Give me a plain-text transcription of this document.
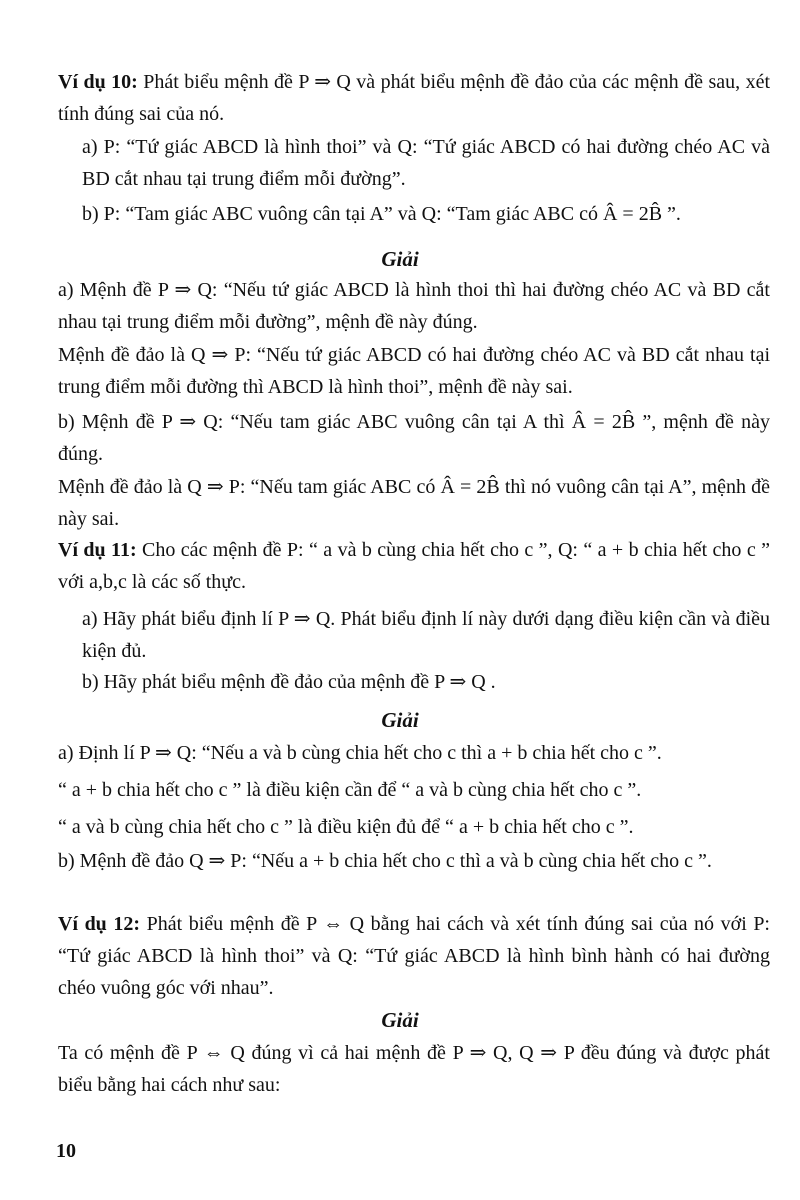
Ví dụ 10: Phát biểu mệnh đề P ⇒ Q và phát biểu mệnh đề đảo của các mệnh đề sau, xét tính đúng sai của nó.

a) P: “Tứ giác ABCD là hình thoi” và Q: “Tứ giác ABCD có hai đường chéo AC và BD cắt nhau tại trung điểm mỗi đường”.

b) P: “Tam giác ABC vuông cân tại A” và Q: “Tam giác ABC có Â = 2B̂ ”.

Giải

a) Mệnh đề P ⇒ Q: “Nếu tứ giác ABCD là hình thoi thì hai đường chéo AC và BD cắt nhau tại trung điểm mỗi đường”, mệnh đề này đúng.

Mệnh đề đảo là Q ⇒ P: “Nếu tứ giác ABCD có hai đường chéo AC và BD cắt nhau tại trung điểm mỗi đường thì ABCD là hình thoi”, mệnh đề này sai.

b) Mệnh đề P ⇒ Q: “Nếu tam giác ABC vuông cân tại A thì Â = 2B̂ ”, mệnh đề này đúng.

Mệnh đề đảo là Q ⇒ P: “Nếu tam giác ABC có Â = 2B̂ thì nó vuông cân tại A”, mệnh đề này sai.

Ví dụ 11: Cho các mệnh đề P: “ a và b cùng chia hết cho c ”, Q: “ a + b chia hết cho c ” với a,b,c là các số thực.

a) Hãy phát biểu định lí P ⇒ Q. Phát biểu định lí này dưới dạng điều kiện cần và điều kiện đủ.

b) Hãy phát biểu mệnh đề đảo của mệnh đề P ⇒ Q .

Giải

a) Định lí P ⇒ Q: “Nếu a và b cùng chia hết cho c thì a + b chia hết cho c ”.

“ a + b chia hết cho c ” là điều kiện cần để “ a và b cùng chia hết cho c ”.

“ a và b cùng chia hết cho c ” là điều kiện đủ để “ a + b chia hết cho c ”.

b) Mệnh đề đảo Q ⇒ P: “Nếu a + b chia hết cho c thì a và b cùng chia hết cho c ”.

Ví dụ 12: Phát biểu mệnh đề P ⇔ Q bằng hai cách và xét tính đúng sai của nó với P: “Tứ giác ABCD là hình thoi” và Q: “Tứ giác ABCD là hình bình hành có hai đường chéo vuông góc với nhau”.

Giải

Ta có mệnh đề P ⇔ Q đúng vì cả hai mệnh đề P ⇒ Q, Q ⇒ P đều đúng và được phát biểu bằng hai cách như sau:

10
